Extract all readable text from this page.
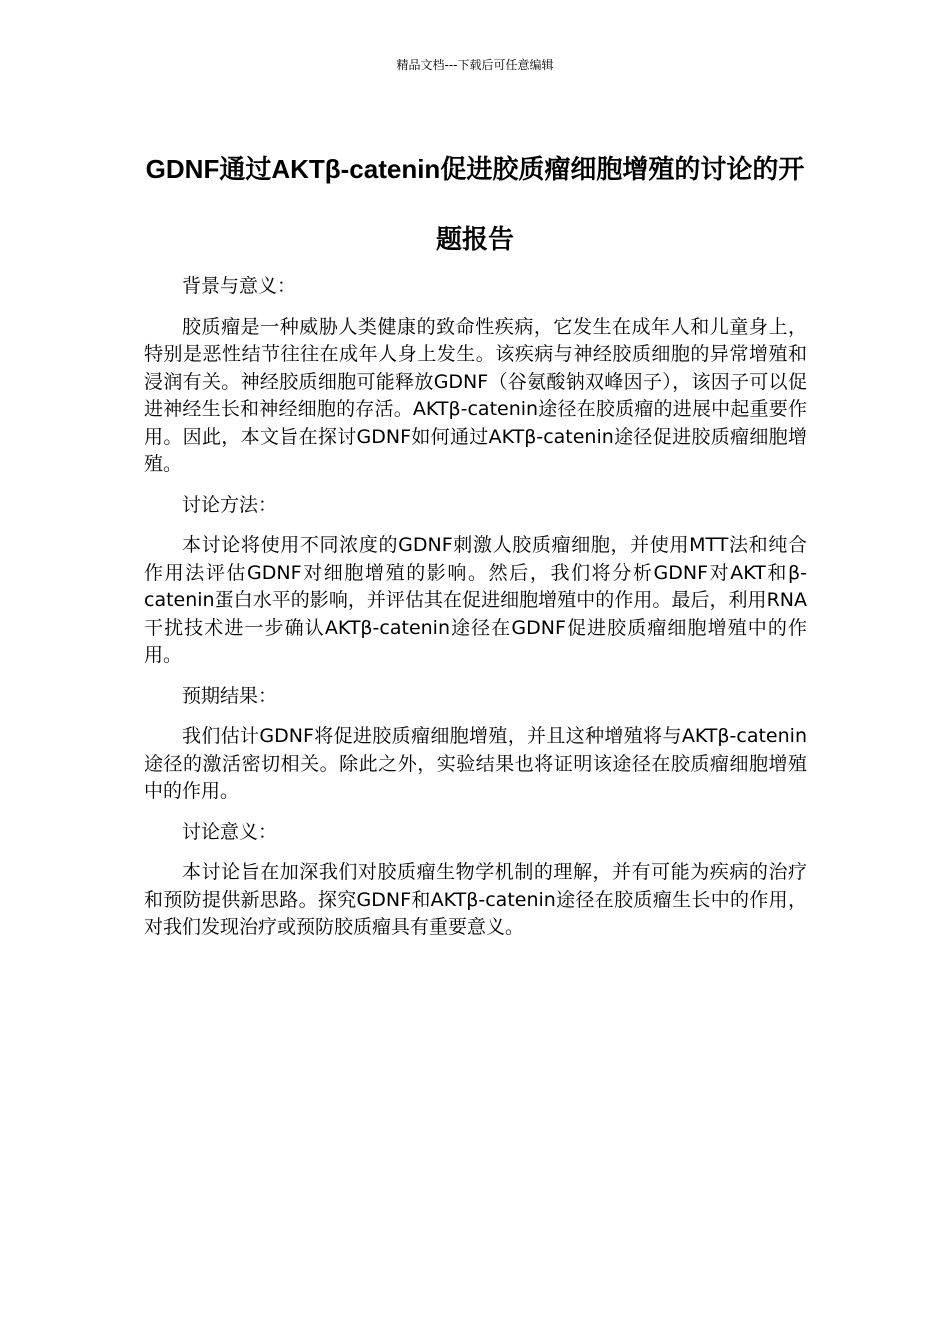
精品文档---下载后可任意编辑
GDNF通过AKTβ-catenin促进胶质瘤细胞增殖的讨论的开题报告

背景与意义：

胶质瘤是一种威胁人类健康的致命性疾病，它发生在成年人和儿童身上，特别是恶性结节往往在成年人身上发生。该疾病与神经胶质细胞的异常增殖和浸润有关。神经胶质细胞可能释放GDNF（谷氨酸钠双峰因子），该因子可以促进神经生长和神经细胞的存活。AKTβ-catenin途径在胶质瘤的进展中起重要作用。因此，本文旨在探讨GDNF如何通过AKTβ-catenin途径促进胶质瘤细胞增殖。

讨论方法：

本讨论将使用不同浓度的GDNF刺激人胶质瘤细胞，并使用MTT法和纯合作用法评估GDNF对细胞增殖的影响。然后，我们将分析GDNF对AKT和β-catenin蛋白水平的影响，并评估其在促进细胞增殖中的作用。最后，利用RNA干扰技术进一步确认AKTβ-catenin途径在GDNF促进胶质瘤细胞增殖中的作用。

预期结果：

我们估计GDNF将促进胶质瘤细胞增殖，并且这种增殖将与AKTβ-catenin途径的激活密切相关。除此之外，实验结果也将证明该途径在胶质瘤细胞增殖中的作用。

讨论意义：

本讨论旨在加深我们对胶质瘤生物学机制的理解，并有可能为疾病的治疗和预防提供新思路。探究GDNF和AKTβ-catenin途径在胶质瘤生长中的作用，对我们发现治疗或预防胶质瘤具有重要意义。
